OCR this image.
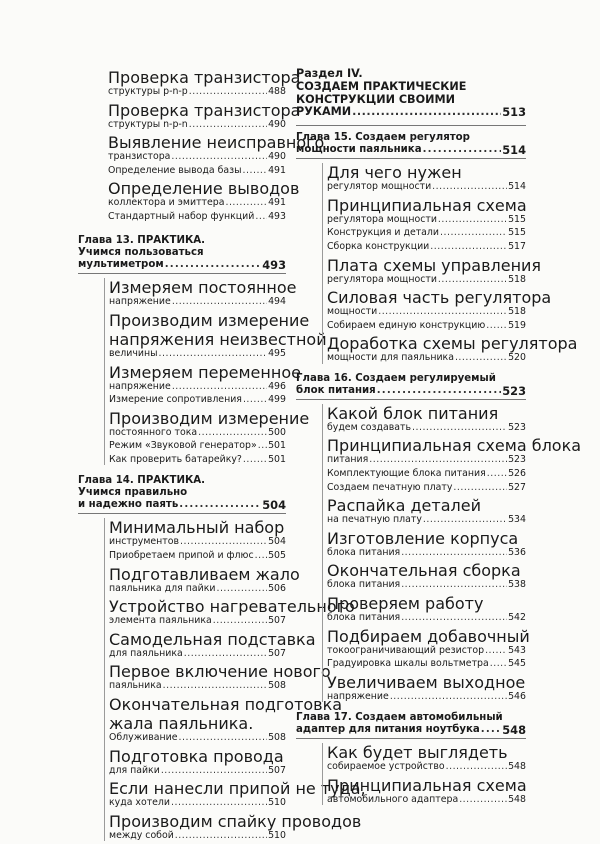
Проверка транзистора
структуры p-n-p .....	488
Проверка транзистора
структуры n-p-n .....	490
Выявление неисправного
транзистора .....	490
Определение вывода базы .....	491
Определение выводов
коллектора и эмиттера .....	491
Стандартный набор функций ..... 493
Глава 13. ПРАКТИКА.
Учимся пользоваться
мультиметром .....	493
Измеряем постоянное
напряжение .....	494
Производим измерение
напряжения неизвестной
величины .....	495
Измеряем переменное
напряжение .....	496
Измерение сопротивления .....	499
Производим измерение
постоянного тока .....	500
Режим «Звуковой генератор» ..... 501
Как проверить батарейку? .....	501
Глава 14. ПРАКТИКА.
Учимся правильно
и надежно паять .....	504
Минимальный набор
инструментов .....	504
Приобретаем припой и флюс ..... 505
Подготавливаем жало
паяльника для пайки .....	506
Устройство нагревательного
элемента паяльника .....	507
Самодельная подставка
для паяльника .....	507
Первое включение нового
паяльника .....	508
Окончательная подготовка
жала паяльника.
Облуживание .....	508
Подготовка провода
для пайки .....	507
Если нанесли припой не туда,
куда хотели .....	510
Производим спайку проводов
между собой .....	510
Раздел IV.
СОЗДАЕМ ПРАКТИЧЕСКИЕ
КОНСТРУКЦИИ СВОИМИ
РУКАМИ .....	513
Глава 15. Создаем регулятор
мощности паяльника .....	514
Для чего нужен
регулятор мощности .....	514
Принципиальная схема
регулятора мощности .....	515
Конструкция и детали .....	515
Сборка конструкции .....	517
Плата схемы управления
регулятора мощности .....	518
Силовая часть регулятора
мощности .....	518
Собираем единую конструкцию ..... 519
Доработка схемы регулятора
мощности для паяльника .....	520
Глава 16. Создаем регулируемый
блок питания .....	523
Какой блок питания
будем создавать .....	523
Принципиальная схема блока
питания .....	523
Комплектующие блока питания ..... 526
Создаем печатную плату .....	527
Распайка деталей
на печатную плату .....	534
Изготовление корпуса
блока питания .....	536
Окончательная сборка
блока питания .....	538
Проверяем работу
блока питания .....	542
Подбираем добавочный
токоограничивающий резистор .....	543
Градуировка шкалы вольтметра ..... 545
Увеличиваем выходное
напряжение .....	546
Глава 17. Создаем автомобильный
адаптер для питания ноутбука ..... 548
Как будет выглядеть
собираемое устройство .....	548
Принципиальная схема
автомобильного адаптера .....	548
